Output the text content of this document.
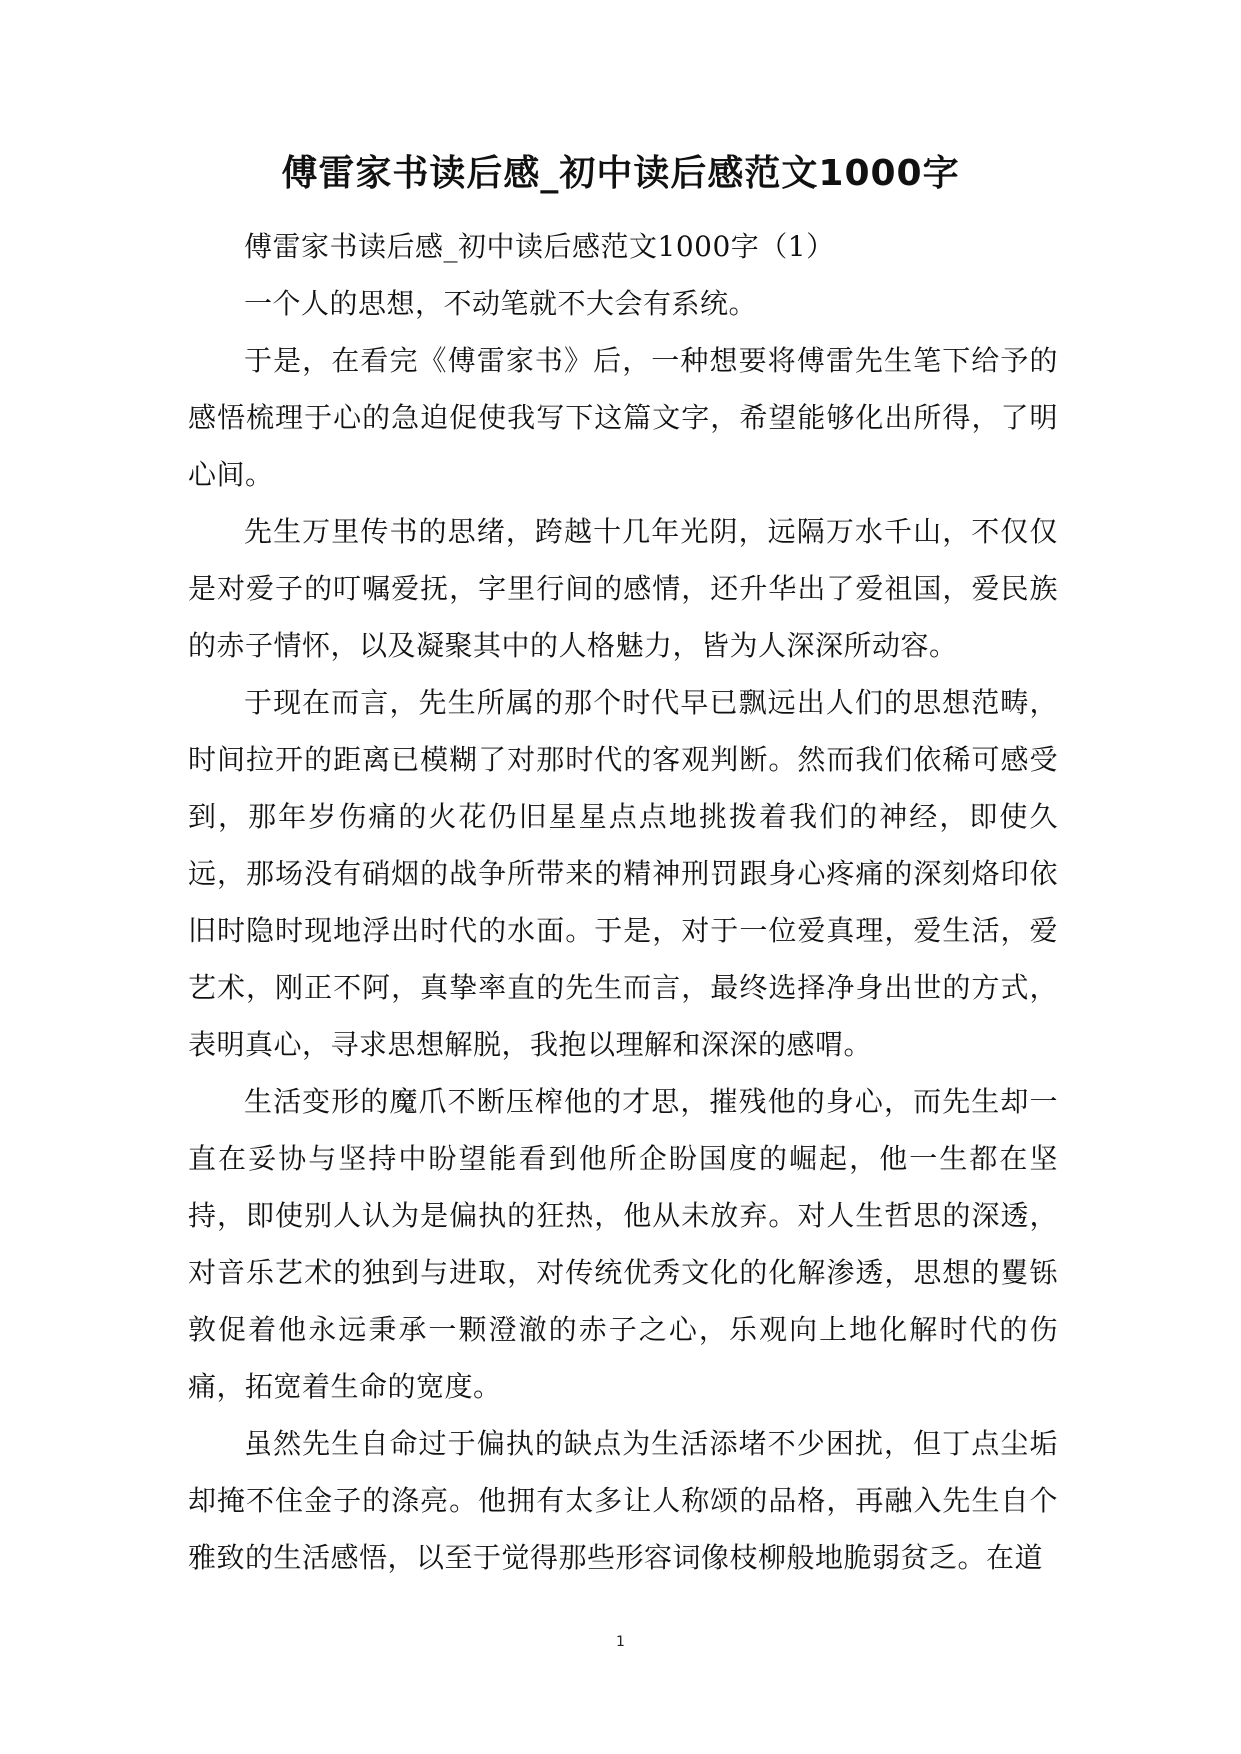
傅雷家书读后感_初中读后感范文1000字

傅雷家书读后感_初中读后感范文1000字（1）

一个人的思想，不动笔就不大会有系统。

于是，在看完《傅雷家书》后，一种想要将傅雷先生笔下给予的感悟梳理于心的急迫促使我写下这篇文字，希望能够化出所得，了明心间。

先生万里传书的思绪，跨越十几年光阴，远隔万水千山，不仅仅是对爱子的叮嘱爱抚，字里行间的感情，还升华出了爱祖国，爱民族的赤子情怀，以及凝聚其中的人格魅力，皆为人深深所动容。

于现在而言，先生所属的那个时代早已飘远出人们的思想范畴，时间拉开的距离已模糊了对那时代的客观判断。然而我们依稀可感受到，那年岁伤痛的火花仍旧星星点点地挑拨着我们的神经，即使久远，那场没有硝烟的战争所带来的精神刑罚跟身心疼痛的深刻烙印依旧时隐时现地浮出时代的水面。于是，对于一位爱真理，爱生活，爱艺术，刚正不阿，真挚率直的先生而言，最终选择净身出世的方式，表明真心，寻求思想解脱，我抱以理解和深深的感喟。

生活变形的魔爪不断压榨他的才思，摧残他的身心，而先生却一直在妥协与坚持中盼望能看到他所企盼国度的崛起，他一生都在坚持，即使别人认为是偏执的狂热，他从未放弃。对人生哲思的深透，对音乐艺术的独到与进取，对传统优秀文化的化解渗透，思想的矍铄敦促着他永远秉承一颗澄澈的赤子之心，乐观向上地化解时代的伤痛，拓宽着生命的宽度。

虽然先生自命过于偏执的缺点为生活添堵不少困扰，但丁点尘垢却掩不住金子的涤亮。他拥有太多让人称颂的品格，再融入先生自个雅致的生活感悟，以至于觉得那些形容词像枝柳般地脆弱贫乏。在道

1
